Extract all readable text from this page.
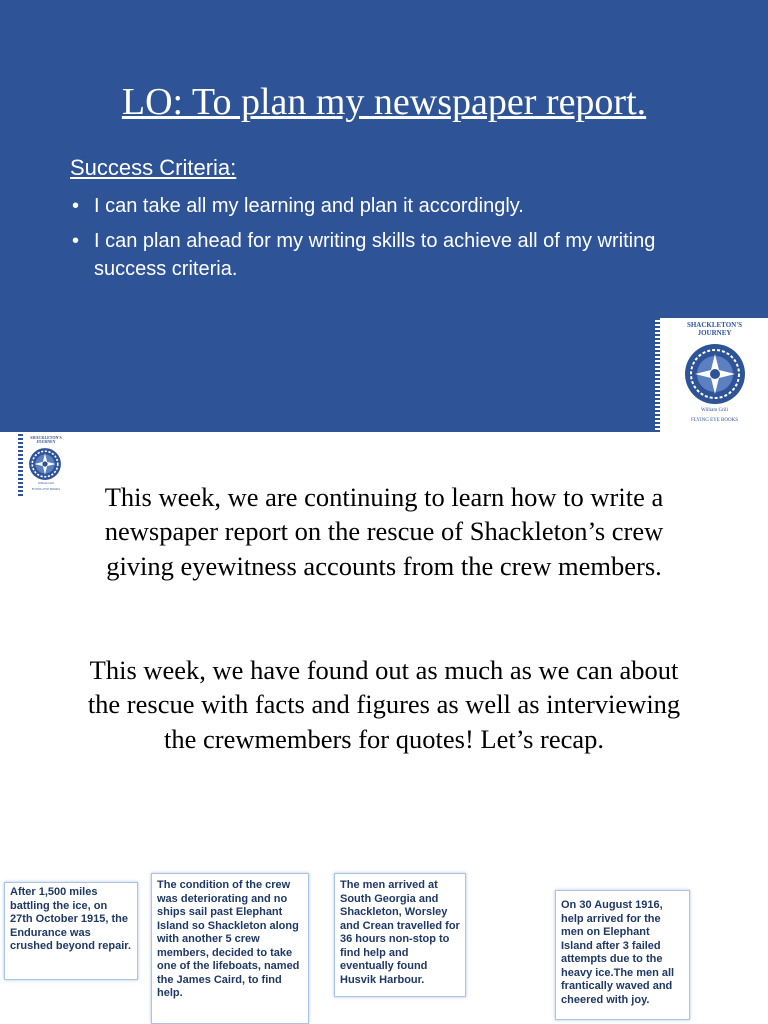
LO: To plan my newspaper report.
Success Criteria:
• I can take all my learning and plan it accordingly.
• I can plan ahead for my writing skills to achieve all of my writing success criteria.
SHACKLETON'S
JOURNEY
William Grill
FLYING EYE BOOKS
SHACKLETON'S
JOURNEY
William Grill
FLYING EYE BOOKS	This week, we are continuing to learn how to write a newspaper report on the rescue of Shackleton’s crew giving eyewitness accounts from the crew members.

This week, we have found out as much as we can about the rescue with facts and figures as well as interviewing the crewmembers for quotes! Let’s recap.

After 1,500 miles battling the ice, on 27th October 1915, the Endurance was crushed beyond repair.
The condition of the crew was deteriorating and no ships sail past Elephant Island so Shackleton along with another 5 crew members, decided to take one of the lifeboats, named the James Caird, to find help.
The men arrived at South Georgia and Shackleton, Worsley and Crean travelled for 36 hours non-stop to find help and eventually found Husvik Harbour.
On 30 August 1916, help arrived for the men on Elephant Island after 3 failed attempts due to the heavy ice.The men all frantically waved and cheered with joy.
